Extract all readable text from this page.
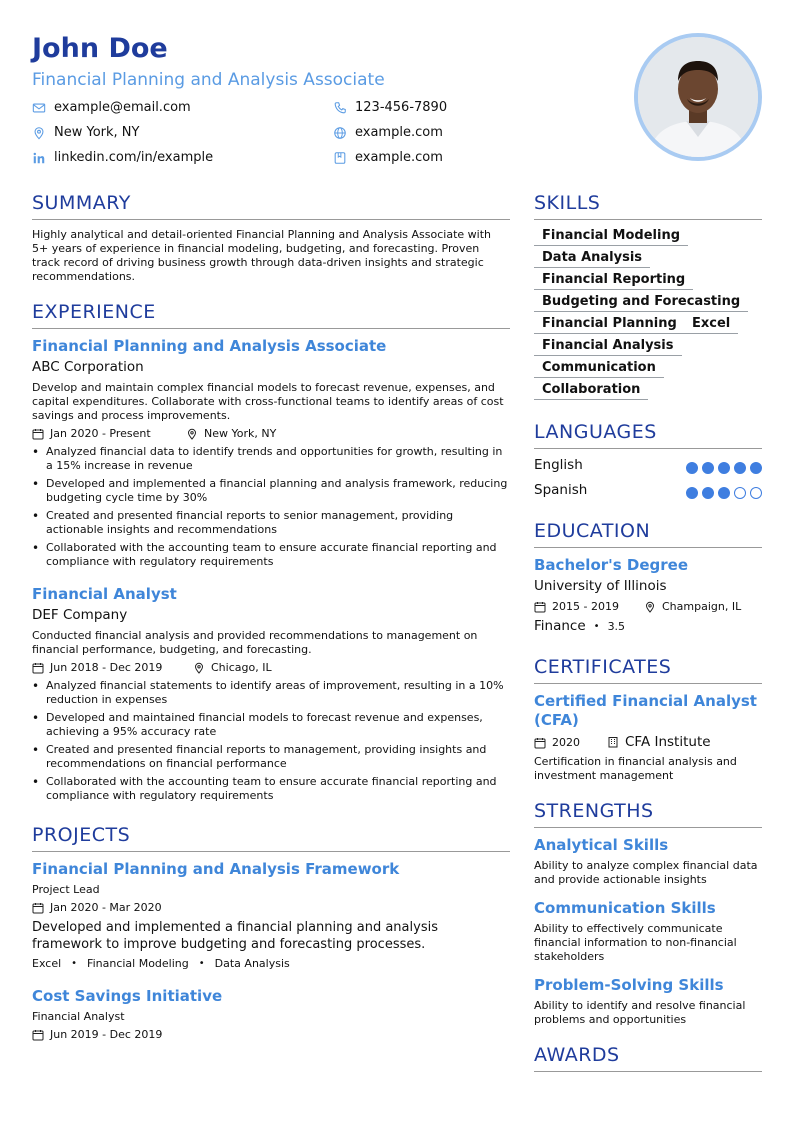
John Doe
Financial Planning and Analysis Associate
example@email.com	123-456-7890
New York, NY	example.com
linkedin.com/in/example	example.com
SUMMARY
Highly analytical and detail-oriented Financial Planning and Analysis Associate with 5+ years of experience in financial modeling, budgeting, and forecasting. Proven track record of driving business growth through data-driven insights and strategic recommendations.
EXPERIENCE
Financial Planning and Analysis Associate
ABC Corporation
Develop and maintain complex financial models to forecast revenue, expenses, and capital expenditures. Collaborate with cross-functional teams to identify areas of cost savings and process improvements.
Jan 2020 - Present	New York, NY
• Analyzed financial data to identify trends and opportunities for growth, resulting in a 15% increase in revenue
• Developed and implemented a financial planning and analysis framework, reducing budgeting cycle time by 30%
• Created and presented financial reports to senior management, providing actionable insights and recommendations
• Collaborated with the accounting team to ensure accurate financial reporting and compliance with regulatory requirements
Financial Analyst
DEF Company
Conducted financial analysis and provided recommendations to management on financial performance, budgeting, and forecasting.
Jun 2018 - Dec 2019	Chicago, IL
• Analyzed financial statements to identify areas of improvement, resulting in a 10% reduction in expenses
• Developed and maintained financial models to forecast revenue and expenses, achieving a 95% accuracy rate
• Created and presented financial reports to management, providing insights and recommendations on financial performance
• Collaborated with the accounting team to ensure accurate financial reporting and compliance with regulatory requirements
PROJECTS
Financial Planning and Analysis Framework
Project Lead
Jan 2020 - Mar 2020
Developed and implemented a financial planning and analysis framework to improve budgeting and forecasting processes.
Excel • Financial Modeling • Data Analysis
Cost Savings Initiative
Financial Analyst
Jun 2019 - Dec 2019
SKILLS
Financial Modeling
Data Analysis
Financial Reporting
Budgeting and Forecasting
Financial Planning	Excel
Financial Analysis
Communication
Collaboration
LANGUAGES
English
Spanish
EDUCATION
Bachelor's Degree
University of Illinois
2015 - 2019	Champaign, IL
Finance • 3.5
CERTIFICATES
Certified Financial Analyst (CFA)
2020	CFA Institute
Certification in financial analysis and investment management
STRENGTHS
Analytical Skills
Ability to analyze complex financial data and provide actionable insights
Communication Skills
Ability to effectively communicate financial information to non-financial stakeholders
Problem-Solving Skills
Ability to identify and resolve financial problems and opportunities
AWARDS
